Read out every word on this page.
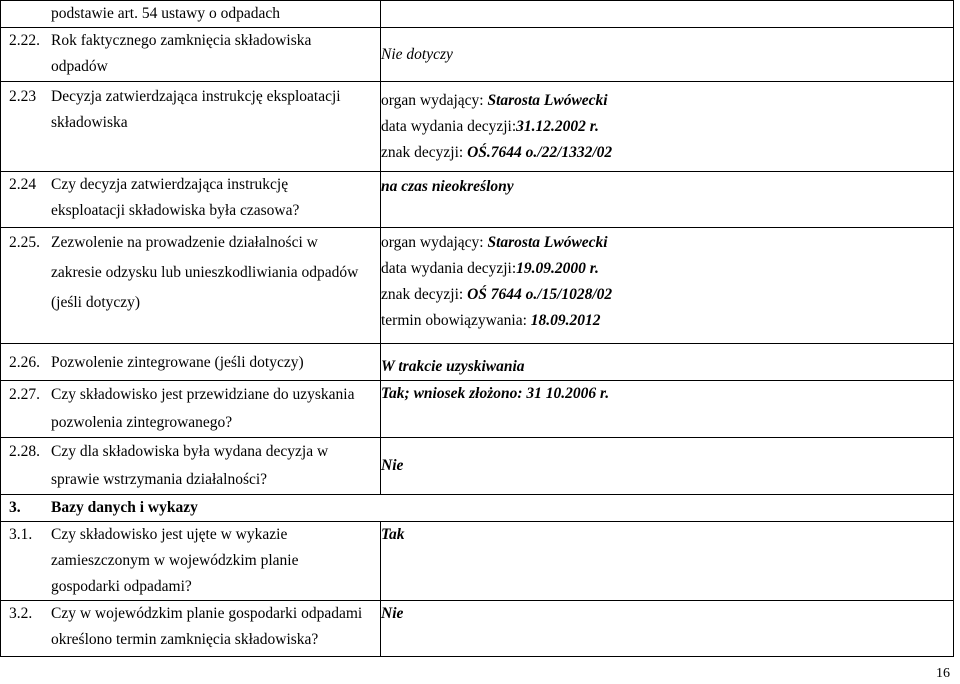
podstawie art. 54 ustawy o odpadach	
2.22. Rok faktycznego zamknięcia składowiska
odpadów	Nie dotyczy
2.23 Decyzja zatwierdzająca instrukcję eksploatacji
składowiska	organ wydający: Starosta Lwówecki
data wydania decyzji:31.12.2002 r.
znak decyzji: OŚ.7644 o./22/1332/02

2.24 Czy decyzja zatwierdzająca instrukcję
eksploatacji składowiska była czasowa?	na czas nieokreślony
2.25. Zezwolenie na prowadzenie działalności w
zakresie odzysku lub unieszkodliwiania odpadów
(jeśli dotyczy)	organ wydający: Starosta Lwówecki
data wydania decyzji:19.09.2000 r.
znak decyzji: OŚ 7644 o./15/1028/02
termin obowiązywania: 18.09.2012

2.26. Pozwolenie zintegrowane (jeśli dotyczy)	W trakcie uzyskiwania
2.27. Czy składowisko jest przewidziane do uzyskania
pozwolenia zintegrowanego?	Tak; wniosek złożono: 31 10.2006 r.
2.28. Czy dla składowiska była wydana decyzja w
sprawie wstrzymania działalności?	Nie
3. Bazy danych i wykazy	
3.1. Czy składowisko jest ujęte w wykazie
zamieszczonym w wojewódzkim planie
gospodarki odpadami?	Tak
3.2. Czy w wojewódzkim planie gospodarki odpadami
określono termin zamknięcia składowiska?	Nie
16
